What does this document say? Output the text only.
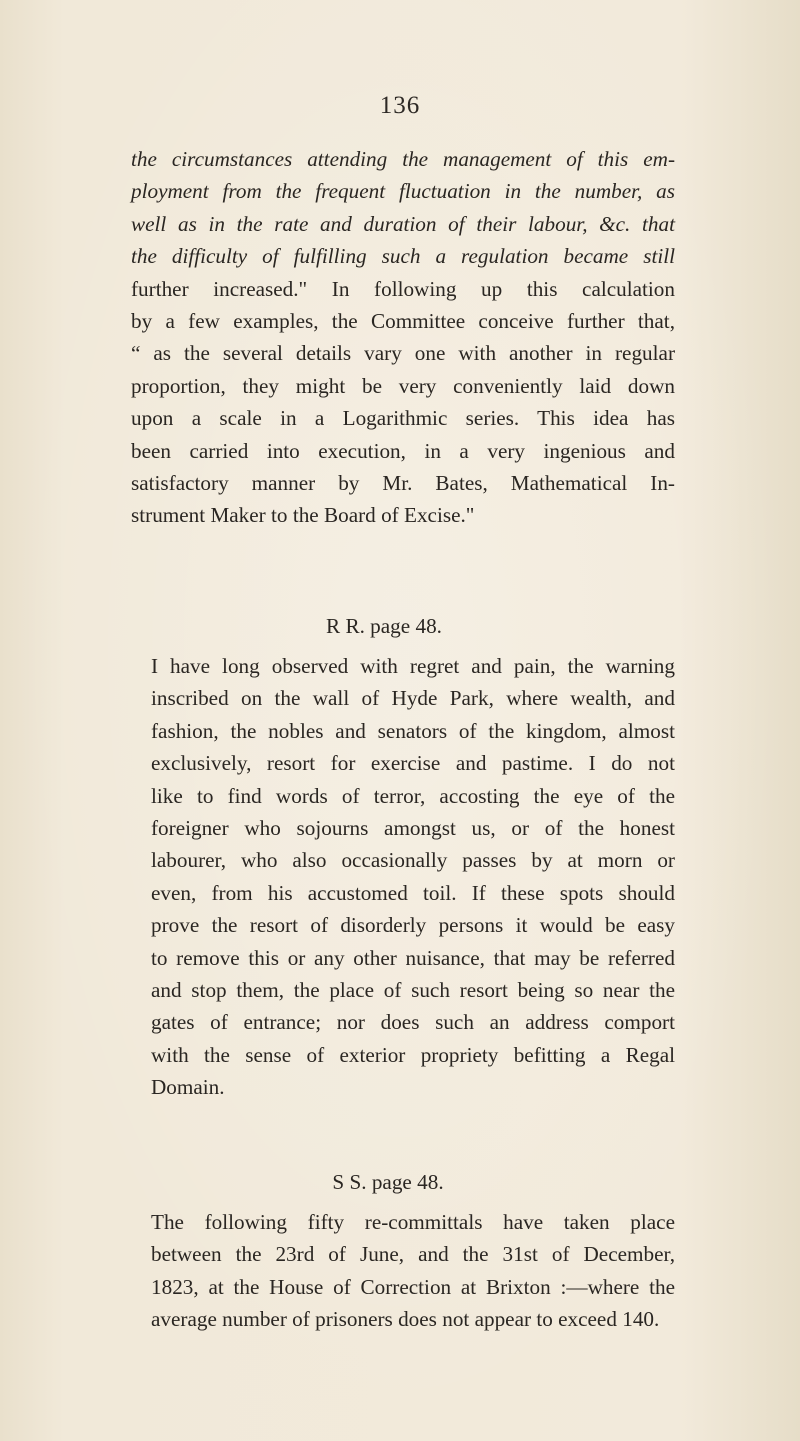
136
the circumstances attending the management of this em-
ployment from the frequent fluctuation in the number, as
well as in the rate and duration of their labour, &c. that
the difficulty of fulfilling such a regulation became still
further increased." In following up this calculation
by a few examples, the Committee conceive further that,
“ as the several details vary one with another in regular
proportion, they might be very conveniently laid down
upon a scale in a Logarithmic series. This idea has
been carried into execution, in a very ingenious and
satisfactory manner by Mr. Bates, Mathematical In-
strument Maker to the Board of Excise."
R R. page 48.
I have long observed with regret and pain, the warning
inscribed on the wall of Hyde Park, where wealth, and
fashion, the nobles and senators of the kingdom, almost
exclusively, resort for exercise and pastime. I do not
like to find words of terror, accosting the eye of the
foreigner who sojourns amongst us, or of the honest
labourer, who also occasionally passes by at morn or
even, from his accustomed toil. If these spots should
prove the resort of disorderly persons it would be easy
to remove this or any other nuisance, that may be referred
and stop them, the place of such resort being so near the
gates of entrance; nor does such an address comport
with the sense of exterior propriety befitting a Regal
Domain.
S S. page 48.
The following fifty re-committals have taken place
between the 23rd of June, and the 31st of December,
1823, at the House of Correction at Brixton :—where the
average number of prisoners does not appear to exceed 140.
